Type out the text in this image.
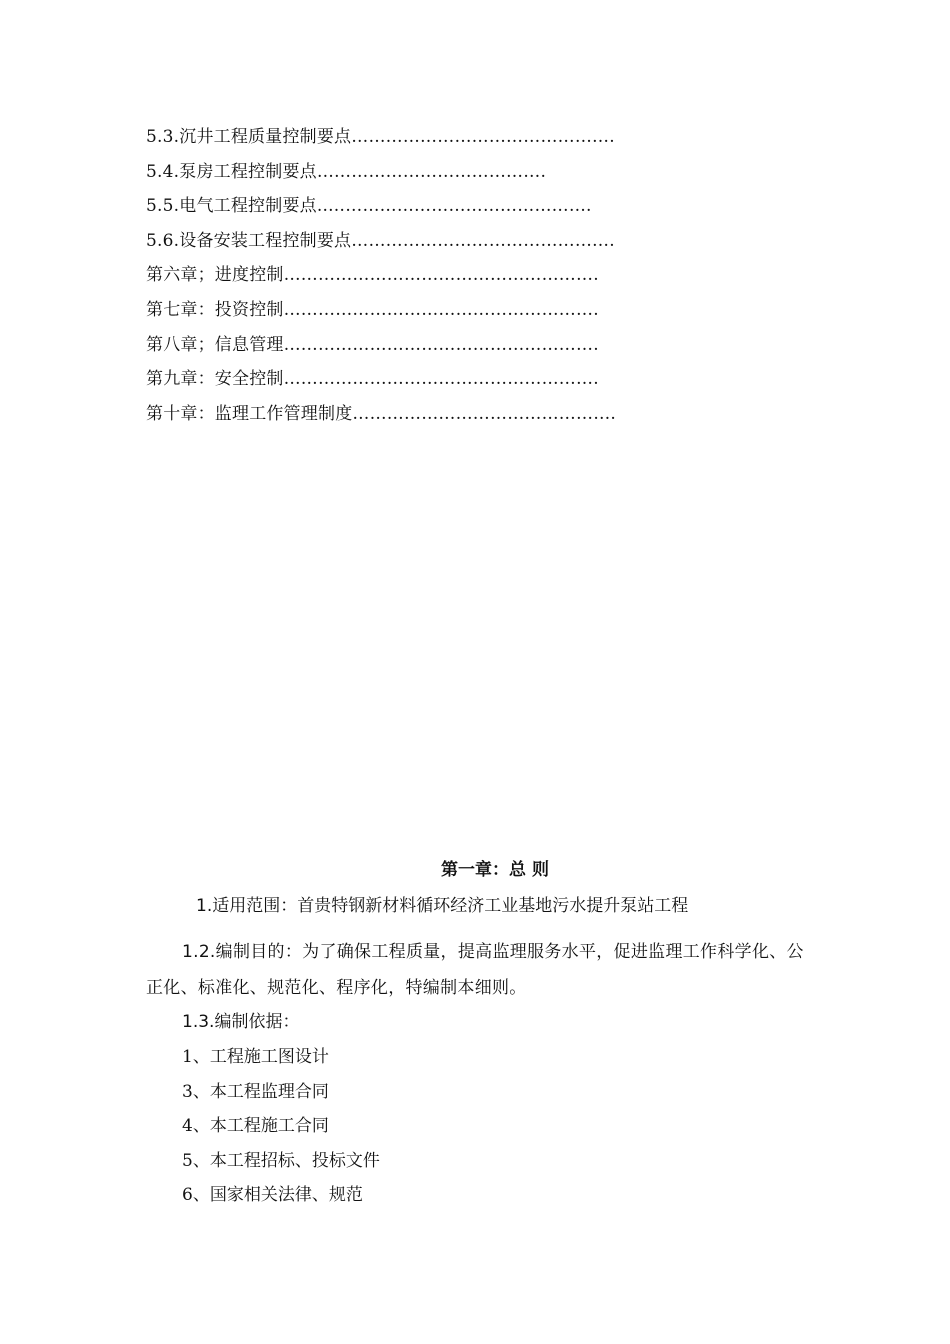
5.3.沉井工程质量控制要点……………………………………….
5.4.泵房工程控制要点………………………………….
5.5.电气工程控制要点..……………………………………….
5.6.设备安装工程控制要点……………………………………….
第六章；进度控制……………………………………………….
第七章：投资控制……………………………………………….
第八章；信息管理……………………………………………….
第九章：安全控制……………………………………………….
第十章：监理工作管理制度……………………………………….
第一章：总 则
1.适用范围：首贵特钢新材料循环经济工业基地污水提升泵站工程
1.2.编制目的：为了确保工程质量，提高监理服务水平，促进监理工作科学化、公正化、标准化、规范化、程序化，特编制本细则。
1.3.编制依据：
1、工程施工图设计
3、本工程监理合同
4、本工程施工合同
5、本工程招标、投标文件
6、国家相关法律、规范
